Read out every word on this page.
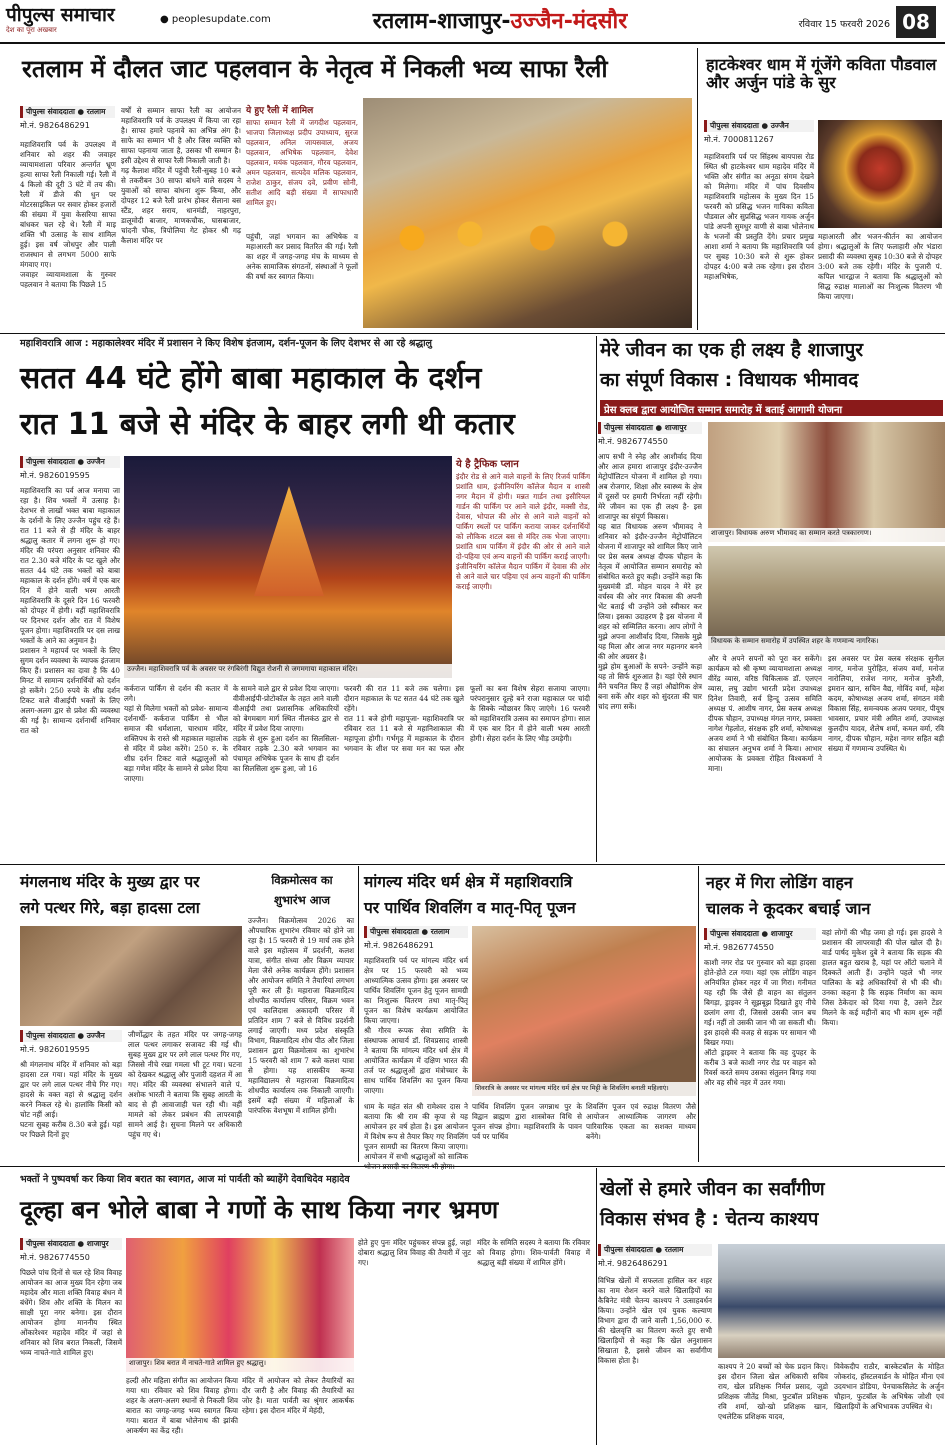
पीपुल्स समाचार
देश का पूरा अखबार
● peoplesupdate.com	रतलाम-शाजापुर-उज्जैन-मंदसौर	रविवार 15 फरवरी 2026 08
रतलाम में दौलत जाट पहलवान के नेतृत्व में निकली भव्य साफा रैली
पीपुल्स संवाददाता ● रतलाम
मो.नं. 9826486291
महाशिवरात्रि पर्व के उपलक्ष्य में शनिवार को शहर की जवाहर व्यायामशाला परिवार अन्तर्गत भ्रूण हत्या साफा रैली निकाली गई। रैली में 4 किलो की दूरी 3 घंटे में तय की। रैली में डीजे की धुन पर मोटरसाइकिल पर सवार होकर हजारों की संख्या में युवा केसरिया साफा बांधकर चल रहे थे। रैली में माइ शक्ति भी उत्साह के साथ शामिल हुई। इस वर्ष जोधपुर और पाली राजस्थान से लगभग 5000 साफे मंगवाए गए।
जवाहर व्यायामशाला के गुरुवर पहलवान ने बताया कि पिछले 15
वर्षों से सम्मान साफा रैली का आयोजन महाशिवरात्रि पर्व के उपलक्ष्य में किया जा रहा है। साफा हमारे पहनावे का अभिन्न अंग है। साफे का सम्मान भी है और जिस व्यक्ति को साफा पहनाया जाता है, उसका भी सम्मान है। इसी उद्देश्य से साफा रैली निकाली जाती है।
गढ़ कैलाश मंदिर में पहुंची रैली-सुबह 10 बजे से तकरीबन 30 साफा बांधने वाले सदस्य ने युवाओं को साफा बांधना शुरू किया, और दोपहर 12 बजे रैली प्रारंभ होकर सैलाना बस स्टैंड, शहर सराय, धानमंडी, नाहरपुरा, डालूमोदी बाजार, माणकचौक, घासबाजार, चांदनी चौक, त्रिपोलिया गेट होकर श्री गढ़ कैलाश मंदिर पर
ये हुए रैली में शामिल
साफा सम्मान रैली में जगदीश पहलवान, भाजपा जिलाध्यक्ष प्रदीप उपाध्याय, सुरज पहलवान, अनिल जायसवाल, अजय पहलवान, अभिषेक पहलवान, देवेश पहलवान, मयंक पहलवान, गौरव पहलवान, अमन पहलवान, सत्यदेव मलिक पहलवान, राजेश ठाकुर, संजय दवे, प्रवीण सोनी, सतीश आदि बड़ी संख्या में साफाधारी शामिल हुए।
पहुंची, जहां भगवान का अभिषेक व महाआरती कर प्रसाद वितरित की गई। रैली का शहर में जगह-जगह मंच के माध्यम से अनेक सामाजिक संगठनों, संस्थाओं ने फूलों की वर्षा कर स्वागत किया।
हाटकेश्वर धाम में गूंजेंगे कविता पौडवाल और अर्जुन पांडे के सुर
पीपुल्स संवाददाता ● उज्जैन
मो.नं. 7000811267
महाशिवरात्रि पर्व पर सिंहस्थ बायपास रोड स्थित श्री हाटकेश्वर धाम महादेव मंदिर में भक्ति और संगीत का अनूठा संगम देखने को मिलेगा। मंदिर में पांच दिवसीय महाशिवरात्रि महोत्सव के मुख्य दिन 15 फरवरी को प्रसिद्ध भजन गायिका कविता पौडवाल और सुप्रसिद्ध भजन गायक अर्जुन पांडे अपनी सुमधुर वाणी से बाबा भोलेनाथ के भजनों की प्रस्तुति देंगे। प्रचार प्रमुख आशा शर्मा ने बताया कि महाशिवरात्रि पर्व पर सुबह 10:30 बजे से शुरू होकर दोपहर 4:00 बजे तक रहेगा। इस दौरान महाअभिषेक,
महाआरती और भजन-कीर्तन का आयोजन होगा। श्रद्धालुओं के लिए फलाहारी और भंडारा प्रसादी की व्यवस्था सुबह 10:30 बजे से दोपहर 3:00 बजे तक रहेगी। मंदिर के पुजारी पं. कपिल भारद्वाज ने बताया कि श्रद्धालुओं को सिद्ध रुद्राक्ष मालाओं का निःशुल्क वितरण भी किया जाएगा।
महाशिवरात्रि आज : महाकालेश्वर मंदिर में प्रशासन ने किए विशेष इंतजाम, दर्शन-पूजन के लिए देशभर से आ रहे श्रद्धालु
सतत 44 घंटे होंगे बाबा महाकाल के दर्शन
रात 11 बजे से मंदिर के बाहर लगी थी कतार
पीपुल्स संवाददाता ● उज्जैन
मो.नं. 9826019595
महाशिवरात्रि का पर्व आज मनाया जा रहा है। शिव भक्तों में उत्साह है। देशभर से लाखों भक्त बाबा महाकाल के दर्शनों के लिए उज्जैन पहुंच रहे हैं। रात 11 बजे से ही मंदिर के बाहर श्रद्धालु कतार में लगना शुरू हो गए। मंदिर की परंपरा अनुसार शनिवार की रात 2.30 बजे मंदिर के पट खुले और सतत 44 घंटे तक भक्तों को बाबा महाकाल के दर्शन होंगे। वर्ष में एक बार दिन में होने वाली भस्म आरती महाशिवरात्रि के दूसरे दिन 16 फरवरी को दोपहर में होगी। वहीं महाशिवरात्रि पर दिनभर दर्शन और रात में विशेष पूजन होगा। महाशिवरात्रि पर दस लाख भक्तों के आने का अनुमान है।
प्रशासन ने महापर्व पर भक्तों के लिए सुगम दर्शन व्यवस्था के व्यापक इंतजाम किए हैं। प्रशासन का दावा है कि 40 मिनट में सामान्य दर्शनार्थियों को दर्शन हो सकेंगे। 250 रुपये के शीघ्र दर्शन टिकट वाले वीआईपी भक्तों के लिए अलग-अलग द्वार से प्रवेश की व्यवस्था की गई है। सामान्य दर्शनार्थी शनिवार रात को
उज्जैन। महाशिवरात्रि पर्व के अवसर पर रंगबिरंगी विद्युत रोशनी से जगमगाया महाकाल मंदिर।
ये है ट्रैफिक प्लान
इंदौर रोड से आने वाले वाहनों के लिए रिजर्व पार्किंग प्रशांति धाम, इंजीनियरिंग कॉलेज मैदान व शास्त्री नगर मैदान में होगी। मन्नत गार्डन तथा इसीरियल गार्डन की पार्किंग पर आने वाले इंदौर, मक्सी रोड, देवास, भोपाल की ओर से आने वाले वाहनों को पार्किंग स्थलों पर पार्किंग कराया जाकर दर्शनार्थियों को लौकिक शटल बस से मंदिर तक भेजा जाएगा। प्रशांति धाम पार्किंग में इंदौर की ओर से आने वाले दो-पहिया एवं अन्य वाहनों की पार्किंग कराई जाएगी। इंजीनियरिंग कॉलेज मैदान पार्किंग में देवास की ओर से आने वाले चार पहिया एवं अन्य वाहनों की पार्किंग कराई जाएगी।
कर्कराज पार्किंग से दर्शन की कतार में लगे।
यहां से मिलेगा भक्तों को प्रवेश- सामान्य दर्शनार्थी- कर्कराज पार्किंग से भील समाज की धर्मशाला, चारधाम मंदिर, शक्तिपथ के रास्ते श्री महाकाल महालोक से मंदिर में प्रवेश करेंगे। 250 रु. के शीघ्र दर्शन टिकट वाले श्रद्धालुओं को बड़ा गणेश मंदिर के सामने से प्रवेश दिया जाएगा।
के सामने वाले द्वार से प्रवेश दिया जाएगा। वीवीआईपी-प्रोटोकॉल के तहत आने वाली वीआईपी तथा प्रशासनिक अधिकारियों को बेगमबाग मार्ग स्थित नीलकंठ द्वार से मंदिर में प्रवेश दिया जाएगा।
तड़के से शुरू हुआ दर्शन का सिलसिला- रविवार तड़के 2.30 बजे भगवान का पंचामृत अभिषेक पूजन के साथ ही दर्शन का सिलसिला शुरू हुआ, जो 16
फरवरी की रात 11 बजे तक चलेगा। इस दौरान महाकाल के पट सतत 44 घंटे तक खुले रहेंगे।
रात 11 बजे होगी महापूजा- महाशिवरात्रि पर रविवार रात 11 बजे से महानिशाकाल की महापूजा होगी। गर्भगृह में महाकाल के दौरान भगवान के शीश पर सवा मन का फल और फूलों का बना विशेष सेहरा सजाया जाएगा। परंपरानुसार दूल्हे बने राजा महाकाल पर चांदी के सिक्के न्यौछावर किए जाएंगे। 16 फरवरी को महाशिवरात्रि उत्सव का समापन होगा। साल में एक बार दिन में होने वाली भस्म आरती होगी। सेहरा दर्शन के लिए भीड़ उमड़ेगी।
मेरे जीवन का एक ही लक्ष्य है शाजापुर
का संपूर्ण विकास : विधायक भीमावद
प्रेस क्लब द्वारा आयोजित सम्मान समारोह में बताई आगामी योजना
पीपुल्स संवाददाता ● शाजापुर
मो.नं. 9826774550
आप सभी ने स्नेह और आशीर्वाद दिया और आज हमारा शाजापुर इंदौर-उज्जैन मेट्रोपॉलिटन योजना में शामिल हो गया। अब रोजगार, शिक्षा और स्वास्थ्य के क्षेत्र में दूसरों पर हमारी निर्भरता नहीं रहेगी। मेरे जीवन का एक ही लक्ष्य है- इस शाजापुर का संपूर्ण विकास।
यह बात विधायक अरुण भीमावद ने शनिवार को इंदौर-उज्जैन मेट्रोपॉलिटन योजना में शाजापुर को शामिल किए जाने पर प्रेस क्लब अध्यक्ष दीपक चौहान के नेतृत्व में आयोजित सम्मान समारोह को संबोधित करते हुए कही। उन्होंने कहा कि मुख्यमंत्री डॉ. मोहन यादव ने मेरे हर वर्चस्व की ओर नगर विकास की अपनी भेंट बताई थी उन्होंने उसे स्वीकार कर लिया। इसका उदाहरण है इस योजना में शहर को सम्मिलित करना। आप लोगों ने मुझे अपना आशीर्वाद दिया, जिसके मुझे यह मिला और आज नगर महानगर बनने की ओर अग्रसर है।
मुझे होम बुआओं के सपने- उन्होंने कहा यह तो सिर्फ शुरुआत है। यहां ऐसे स्थान मैंने चयनित किए हैं जहां औद्योगिक क्षेत्र बना सकें और शहर को सुंदरता की चार चांद लगा सकें।
शाजापुर। विधायक अरुण भीमावद का सम्मान करते पत्रकारगण।
विधायक के सम्मान समारोह में उपस्थित शहर के गणमान्य नागरिक।
और ये अपने सपनों को पूरा कर सकेंगे। कार्यक्रम को श्री कृष्ण व्यायामशाला अध्यक्ष वीरेंद्र व्यास, वरिष्ठ चिकित्सक डॉ. एलएन व्यास, लघु उद्योग भारती प्रदेश उपाध्यक्ष दिनेश तिवारी, सर्व हिन्दू उत्सव समिति अध्यक्ष पं. आशीष नागर, प्रेस क्लब अध्यक्ष दीपक चौहान, उपाध्यक्ष मंगल नागर, प्रवक्ता नागेश गेहलोत, संरक्षक हरि शर्मा, कोषाध्यक्ष अजय शर्मा ने भी संबोधित किया। कार्यक्रम का संचालन अनुभव शर्मा ने किया। आभार आयोजक के प्रवक्ता रोहित विश्वकर्मा ने माना।
इस अवसर पर प्रेस क्लब संरक्षक सुनील नागर, मनोज पुरोहित, संजय वर्मा, मनोज नारोलिया, राजेश नागर, मनोज कुरैशी, इमरान खान, सचिन वैद्य, गोविंद वर्मा, महेश कदम, कोषाध्यक्ष अजय शर्मा, संगठन मंत्री विकास सिंह, समन्वयक अजय परमार, पीयूष भावसार, प्रचार मंत्री अमित शर्मा, उपाध्यक्ष कुलदीप यादव, शैलेष शर्मा, कमल वर्मा, रवि नागर, दीपक चौहान, महेश नागर सहित बड़ी संख्या में गणमान्य उपस्थित थे।
मंगलनाथ मंदिर के मुख्य द्वार पर
लगे पत्थर गिरे, बड़ा हादसा टला
पीपुल्स संवाददाता ● उज्जैन
मो.नं. 9826019595
श्री मंगलनाथ मंदिर में शनिवार को बड़ा हादसा टल गया। यहां मंदिर के मुख्य द्वार पर लगे लाल पत्थर नीचे गिर गए। हादसे के वक्त वहां से श्रद्धालु दर्शन करने निकल रहे थे। हालांकि किसी को चोट नहीं आई।
घटना सुबह करीब 8.30 बजे हुई। यहां पर पिछले दिनों हुए
जीर्णोद्धार के तहत मंदिर पर जगह-जगह लाल पत्थर लगाकर सजावट की गई थी। सुबह मुख्य द्वार पर लगे लाल पत्थर गिर गए, जिससे नीचे रखा गमला भी टूट गया। घटना को देखकर श्रद्धालु और पुजारी दहशत में आ गए। मंदिर की व्यवस्था संभालने वाले पं. अशोक भारती ने बताया कि सुबह आरती के बाद से ही आवाजाही चल रही थी। वहीं मामले को लेकर प्रबंधन की लापरवाही सामने आई है। सुचना मिलने पर अधिकारी पहुंच गए थे।
विक्रमोत्सव का
शुभारंभ आज
उज्जैन। विक्रमोत्सव 2026 का औपचारिक शुभारंभ रविवार को होने जा रहा है। 15 फरवरी से 19 मार्च तक होने वाले इस महोत्सव में प्रदर्शनी, कलश यात्रा, संगीत संध्या और विक्रम व्यापार मेला जैसे अनेक कार्यक्रम होंगे। प्रशासन और आयोजन समिति ने तैयारियां लगभग पूरी कर ली हैं। महाराजा विक्रमादित्य शोधपीठ कार्यालय परिसर, विक्रम भवन एवं कालिदास अकादमी परिसर में प्रतिदिन शाम 7 बजे से विविध प्रदर्शनी लगाई जाएगी। मध्य प्रदेश संस्कृति विभाग, विक्रमादित्य शोध पीठ और जिला प्रशासन द्वारा विक्रमोत्सव का शुभारंभ 15 फरवरी को शाम 7 बजे कलश यात्रा से होगा। यह शासकीय कन्या महाविद्यालय से महाराजा विक्रमादित्य शोधपीठ कार्यालय तक निकाली जाएगी। इसमें बड़ी संख्या में महिलाओं के पारंपरिक वेशभूषा में शामिल होंगी।
मांगल्य मंदिर धर्म क्षेत्र में महाशिवरात्रि
पर पार्थिव शिवलिंग व मातृ-पितृ पूजन
पीपुल्स संवाददाता ● रतलाम
मो.नं. 9826486291
महाशिवरात्रि पर्व पर मांगल्य मंदिर धर्म क्षेत्र पर 15 फरवरी को भव्य आध्यात्मिक उत्सव होगा। इस अवसर पर पार्थिव शिवलिंग पूजन हेतु पूजन सामग्री का निःशुल्क वितरण तथा मातृ-पितृ पूजन का विशेष कार्यक्रम आयोजित किया जाएगा।
श्री गौरव रूपक सेवा समिति के संस्थापक आचार्य डॉ. शिवप्रसाद शास्त्री ने बताया कि मांगल्य मंदिर धर्म क्षेत्र में आयोजित कार्यक्रम में दक्षिण भारत की तर्ज पर श्रद्धालुओं द्वारा मंत्रोच्चार के साथ पार्थिव शिवलिंग का पूजन किया जाएगा।	शिवरात्रि के अवसर पर मांगल्य मंदिर धर्म क्षेत्र पर मिट्टी के शिवलिंग बनाती महिलाएं।
धाम के महंत संत श्री रामेश्वर दास ने बताया कि श्री राम की कृपा से यह आयोजन हर वर्ष होता है। इस आयोजन में विशेष रूप से तैयार किए गए शिवलिंग पूजन सामग्री का वितरण किया जाएगा। आयोजन में सभी श्रद्धालुओं को सात्विक
पार्थिव शिवलिंग पूजन जगन्नाथ पुर के विद्वान ब्राह्मण द्वारा शास्त्रोक्त विधि से पूजन संपन्न होगा। महाशिवरात्रि के पावन पर्व पर पार्थिव
शिवलिंग पूजन एवं रुद्राक्ष वितरण जैसे आयोजन आध्यात्मिक जागरण और पारिवारिक एकता का सशक्त माध्यम बनेंगे।
नहर में गिरा लोडिंग वाहन
चालक ने कूदकर बचाई जान
पीपुल्स संवाददाता ● शाजापुर
मो.नं. 9826774550
काशी नगर रोड पर गुरुवार को बड़ा हादसा होते-होते टल गया। यहां एक लोडिंग वाहन अनियंत्रित होकर नहर में जा गिरा। गनीमत यह रही कि जैसे ही वाहन का संतुलन बिगड़ा, ड्राइवर ने सूझबूझ दिखाते हुए नीचे छलांग लगा दी, जिससे उसकी जान बच गई। नहीं तो उसकी जान भी जा सकती थी। इस हादसे की वजह से सड़क पर सामान भी बिखर गया।
ऑटो ड्राइवर ने बताया कि वह दुपहर के करीब 3 बजे काशी नगर रोड पर वाहन को रिवर्स करते समय उसका संतुलन बिगड़ गया और वह सीधे नहर में उतर गया।
वहां लोगों की भीड़ जमा हो गई। इस हादसे ने प्रशासन की लापरवाही की पोल खोल दी है। वार्ड पार्षद मुकेश दुबे ने बताया कि सड़क की हालत बहुत खराब है, यहां पर ऑटो चलाने में दिक्कतें आती हैं। उन्होंने पहले भी नगर पालिका के बड़े अधिकारियों से भी की थी। उनका कहना है कि सड़क निर्माण का काम जिस ठेकेदार को दिया गया है, उसने टेंडर मिलने के कई महीनों बाद भी काम शुरू नहीं किया।
भक्तों ने पुष्पवर्षा कर किया शिव बरात का स्वागत, आज मां पार्वती को ब्याहेंगे देवाधिदेव महादेव
दूल्हा बन भोले बाबा ने गणों के साथ किया नगर भ्रमण
पीपुल्स संवाददाता ● शाजापुर
मो.नं. 9826774550
पिछले पांच दिनों से चल रहे शिव विवाह आयोजन का आज मुख्य दिन रहेगा जब महादेव और माता शक्ति विवाह बंधन में बंधेंगे। शिव और शक्ति के मिलन का साक्षी पूरा नगर बनेगा। इस दौरान आयोजन होगा माननीय स्थित ओंकारेश्वर महादेव मंदिर में जहां से शनिवार को शिव बरात निकली, जिसमें भव्य नाचते-गाते शामिल हुए।
शाजापुर। शिव बरात में नाचते-गाते शामिल हुए श्रद्धालु।
हल्दी और महिला संगीत का आयोजन किया गया था। रविवार को शिव विवाह होगा। शहर के अलग-अलग स्थानों से निकली शिव बारात का जगह-जगह भव्य स्वागत किया गया। बारात में बाबा भोलेनाथ की झांकी आकर्षण का केंद्र रही।
मंदिर में आयोजन को लेकर तैयारियों का दौर जारी है और विवाह की तैयारियों का जोर है। माता पार्वती का श्रृंगार आकर्षक रहेगा। इस दौरान मंदिर में मेहंदी,
होते हुए पुनः मंदिर पहुंचकर संपन्न हुई, जहां दोबारा श्रद्धालु शिव विवाह की तैयारी में जुट गए।
मंदिर के समिति सदस्य ने बताया कि रविवार को विवाह होगा। शिव-पार्वती विवाह में श्रद्धालु बड़ी संख्या में शामिल होंगे।
खेलों से हमारे जीवन का सर्वांगीण
विकास संभव है : चेतन्य काश्यप
पीपुल्स संवाददाता ● रतलाम
मो.नं. 9826486291
विभिन्न खेलों में सफलता हासिल कर शहर का नाम रोशन करने वाले खिलाड़ियों का कैबिनेट मंत्री चेतन्य काश्यप ने उत्साहवर्धन किया। उन्होंने खेल एवं युवक कल्याण विभाग द्वारा दी जाने वाली 1,56,000 रु. की खेलवृत्ति का वितरण करते हुए सभी खिलाड़ियों से कहा कि खेल अनुशासन सिखाता है, इससे जीवन का सर्वांगीण विकास होता है।
काश्यप ने 20 बच्चों को चेक प्रदान किए। इस दौरान जिला खेल अधिकारी सचिव राय, खेल प्रशिक्षक निर्मल प्रसाद, जूडो प्रशिक्षक जीतेंद्र मिश्रा, फुटबॉल प्रशिक्षक रवि शर्मा, खो-खो प्रशिक्षक खान, एथलेटिक प्रशिक्षक यादव,
विवेकदीप राठौर, बास्केटबॉल के मोहित जोकरांद, हॉस्टलवार्डन के मोहित मीना एवं उदयभान डोडिया, पेनचाकसिलेट के अर्जुन चौहान, फुटबॉल के अभिषेक जोशी एवं खिलाड़ियों के अभिभावक उपस्थित थे।
